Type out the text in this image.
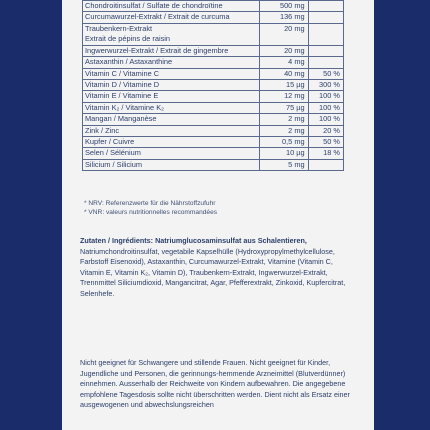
Chondroitinsulfat / Sulfate de chondroïtine	500 mg	

Curcumawurzel-Extrakt / Extrait de curcuma	136 mg	

Traubenkern-Extrakt
Extrait de pépins de raisin	20 mg	

Ingwerwurzel-Extrakt / Extrait de gingembre	20 mg	

Astaxanthin / Astaxanthine	4 mg	

Vitamin C / Vitamine C	40 mg	50 %

Vitamin D / Vitamine D	15 µg	300 %

Vitamin E / Vitamine E	12 mg	100 %

Vitamin K₂ / Vitamine K₂	75 µg	100 %

Mangan / Manganèse	2 mg	100 %

Zink / Zinc	2 mg	20 %

Kupfer / Cuivre	0,5 mg	50 %

Selen / Sélénium	10 µg	18 %

Silicium / Silicium	5 mg	
* NRV: Referenzwerte für die Nährstoffzufuhr
* VNR: valeurs nutritionnelles recommandées
Zutaten / Ingrédients: Natriumglucosaminsulfat aus Schalentieren, Natriumchondroitinsulfat, vegetabile Kapselhülle (Hydroxypropylmethylcellulose, Farbstoff Eisenoxid), Astaxanthin, Curcumawurzel-Extrakt, Vitamine (Vitamin C, Vitamin E, Vitamin K₂, Vitamin D), Traubenkern-Extrakt, Ingwerwurzel-Extrakt, Trennmittel Siliciumdioxid, Mangancitrat, Agar, Pfefferextrakt, Zinkoxid, Kupfercitrat, Selenhefe.
Nicht geeignet für Schwangere und stillende Frauen. Nicht geeignet für Kinder, Jugendliche und Personen, die gerinnungs-hemmende Arzneimittel (Blutverdünner) einnehmen. Ausserhalb der Reichweite von Kindern aufbewahren. Die angegebene empfohlene Tagesdosis sollte nicht überschritten werden. Dient nicht als Ersatz einer ausgewogenen und abwechslungsreichen
